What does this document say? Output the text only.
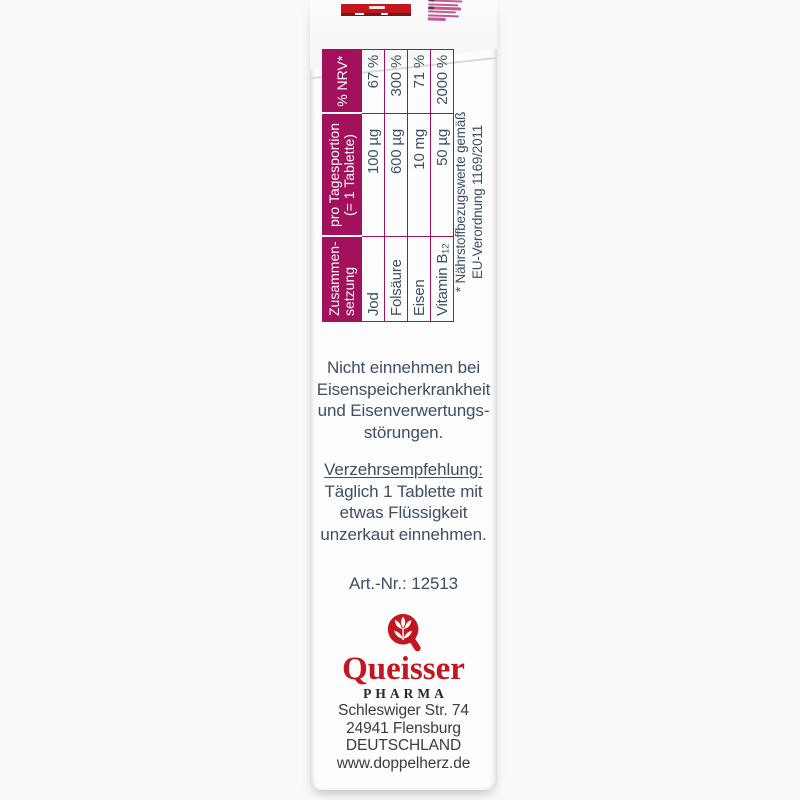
Zusammen- setzung

pro Tagesportion (= 1 Tablette)

% NRV*

Jod	100 µg	67 %
Folsäure	600 µg	300 %
Eisen	10 mg	71 %
Vitamin B₁₂	50 µg	2000 %
* Nährstoffbezugswerte gemäß EU-Verordnung 1169/2011
Nicht einnehmen bei
Eisenspeicherkrankheit
und Eisenverwertungs-
störungen.
Verzehrsempfehlung:
Täglich 1 Tablette mit
etwas Flüssigkeit
unzerkaut einnehmen.
Art.-Nr.: 12513
Queisser
PHARMA
Schleswiger Str. 74
24941 Flensburg
DEUTSCHLAND
www.doppelherz.de
